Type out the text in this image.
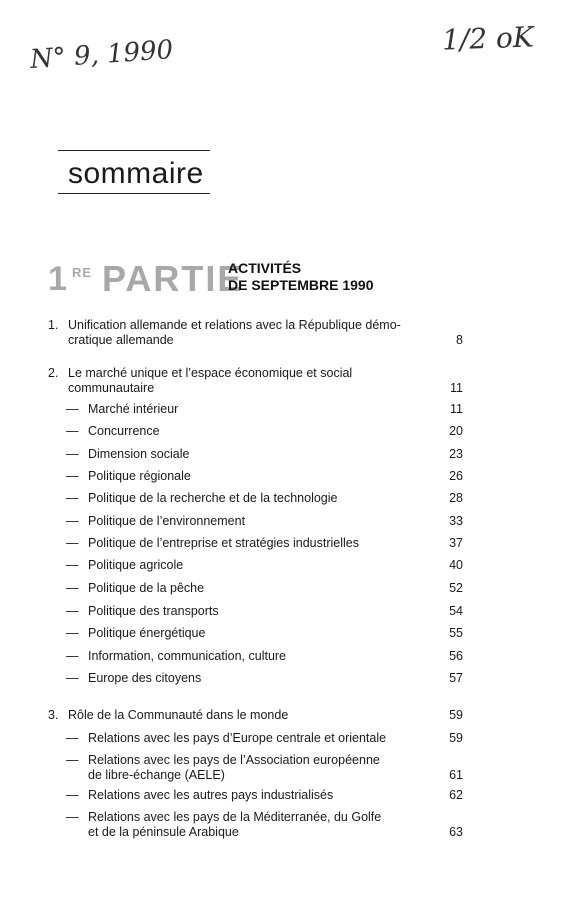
N° 9, 1990	1/2 oK
sommaire
1 RE PARTIE
ACTIVITÉS
DE SEPTEMBRE 1990
1. Unification allemande et relations avec la République démo-
cratique allemande	8
2. Le marché unique et l’espace économique et social
communautaire	11
— Marché intérieur	11
— Concurrence	20
— Dimension sociale	23
— Politique régionale	26
— Politique de la recherche et de la technologie	28
— Politique de l’environnement	33
— Politique de l’entreprise et stratégies industrielles	37
— Politique agricole	40
— Politique de la pêche	52
— Politique des transports	54
— Politique énergétique	55
— Information, communication, culture	56
— Europe des citoyens	57
3. Rôle de la Communauté dans le monde	59
— Relations avec les pays d’Europe centrale et orientale	59
— Relations avec les pays de l’Association européenne
de libre-échange (AELE)	61
— Relations avec les autres pays industrialisés	62
— Relations avec les pays de la Méditerranée, du Golfe
et de la péninsule Arabique	63
